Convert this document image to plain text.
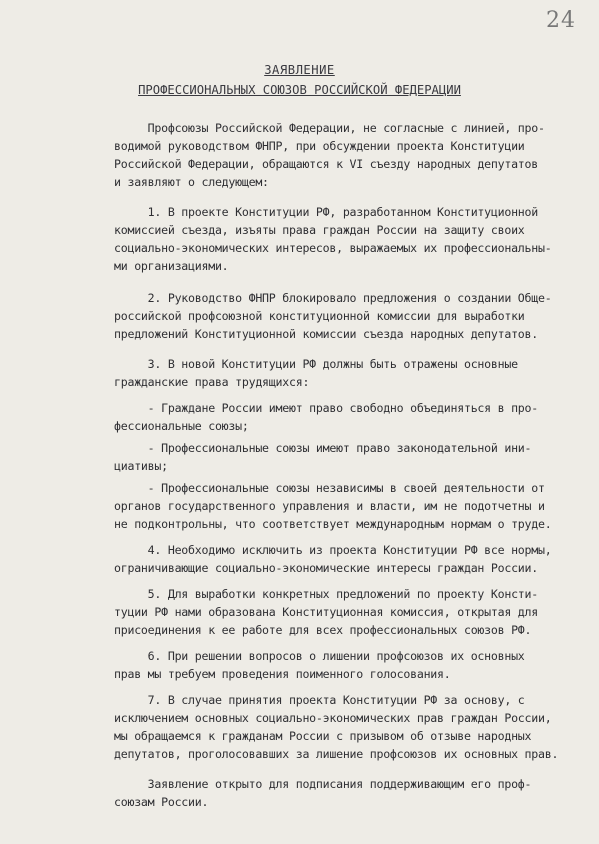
24
ЗАЯВЛЕНИЕ
ПРОФЕССИОНАЛЬНЫХ СОЮЗОВ РОССИЙСКОЙ ФЕДЕРАЦИИ
Профсоюзы Российской Федерации, не согласные с линией, про-
водимой руководством ФНПР, при обсуждении проекта Конституции
Российской Федерации, обращаются к VI съезду народных депутатов
и заявляют о следующем:
1. В проекте Конституции РФ, разработанном Конституционной
комиссией съезда, изъяты права граждан России на защиту своих
социально-экономических интересов, выражаемых их профессиональны-
ми организациями.
2. Руководство ФНПР блокировало предложения о создании Обще-
российской профсоюзной конституционной комиссии для выработки
предложений Конституционной комиссии съезда народных депутатов.
3. В новой Конституции РФ должны быть отражены основные
гражданские права трудящихся:
- Граждане России имеют право свободно объединяться в про-
фессиональные союзы;
- Профессиональные союзы имеют право законодательной ини-
циативы;
- Профессиональные союзы независимы в своей деятельности от
органов государственного управления и власти, им не подотчетны и
не подконтрольны, что соответствует международным нормам о труде.
4. Необходимо исключить из проекта Конституции РФ все нормы,
ограничивающие социально-экономические интересы граждан России.
5. Для выработки конкретных предложений по проекту Консти-
туции РФ нами образована Конституционная комиссия, открытая для
присоединения к ее работе для всех профессиональных союзов РФ.
6. При решении вопросов о лишении профсоюзов их основных
прав мы требуем проведения поименного голосования.
7. В случае принятия проекта Конституции РФ за основу, с
исключением основных социально-экономических прав граждан России,
мы обращаемся к гражданам России с призывом об отзыве народных
депутатов, проголосовавших за лишение профсоюзов их основных прав.
Заявление открыто для подписания поддерживающим его проф-
союзам России.
